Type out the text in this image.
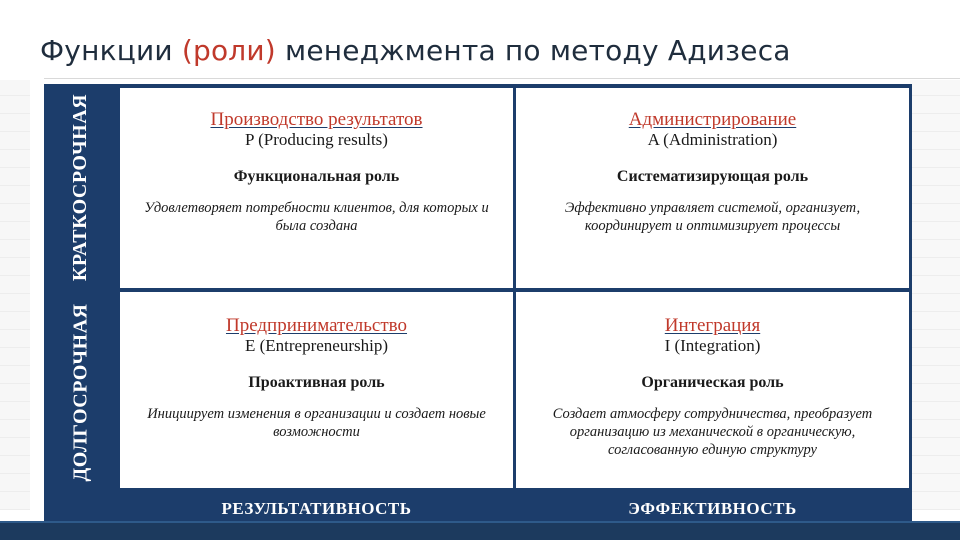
Функции (роли) менеджмента по методу Адизеса
КРАТКОСРОЧНАЯ
ДОЛГОСРОЧНАЯ
Производство результатов
P (Producing results)
Функциональная роль
Удовлетворяет потребности клиентов, для которых и была создана
Администрирование
A (Administration)
Систематизирующая роль
Эффективно управляет системой, организует, координирует и оптимизирует процессы
Предпринимательство
E (Entrepreneurship)
Проактивная роль
Инициирует изменения в организации и создает новые возможности
Интеграция
I (Integration)
Органическая роль
Создает атмосферу сотрудничества, преобразует организацию из механической в органическую, согласованную единую структуру
РЕЗУЛЬТАТИВНОСТЬ	ЭФФЕКТИВНОСТЬ
